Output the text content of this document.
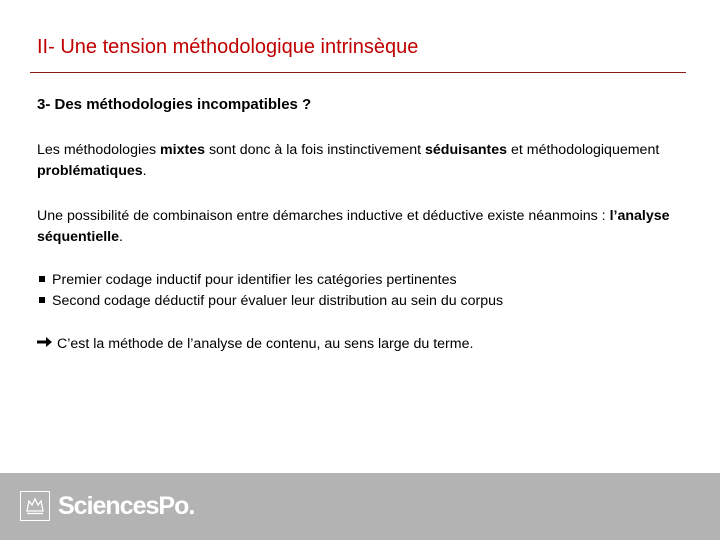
II- Une tension méthodologique intrinsèque
3- Des méthodologies incompatibles ?
Les méthodologies mixtes sont donc à la fois instinctivement séduisantes et méthodologiquement problématiques.
Une possibilité de combinaison entre démarches inductive et déductive existe néanmoins : l’analyse séquentielle.
Premier codage inductif pour identifier les catégories pertinentes
Second codage déductif pour évaluer leur distribution au sein du corpus
C’est la méthode de l’analyse de contenu, au sens large du terme.
SciencesPo.
